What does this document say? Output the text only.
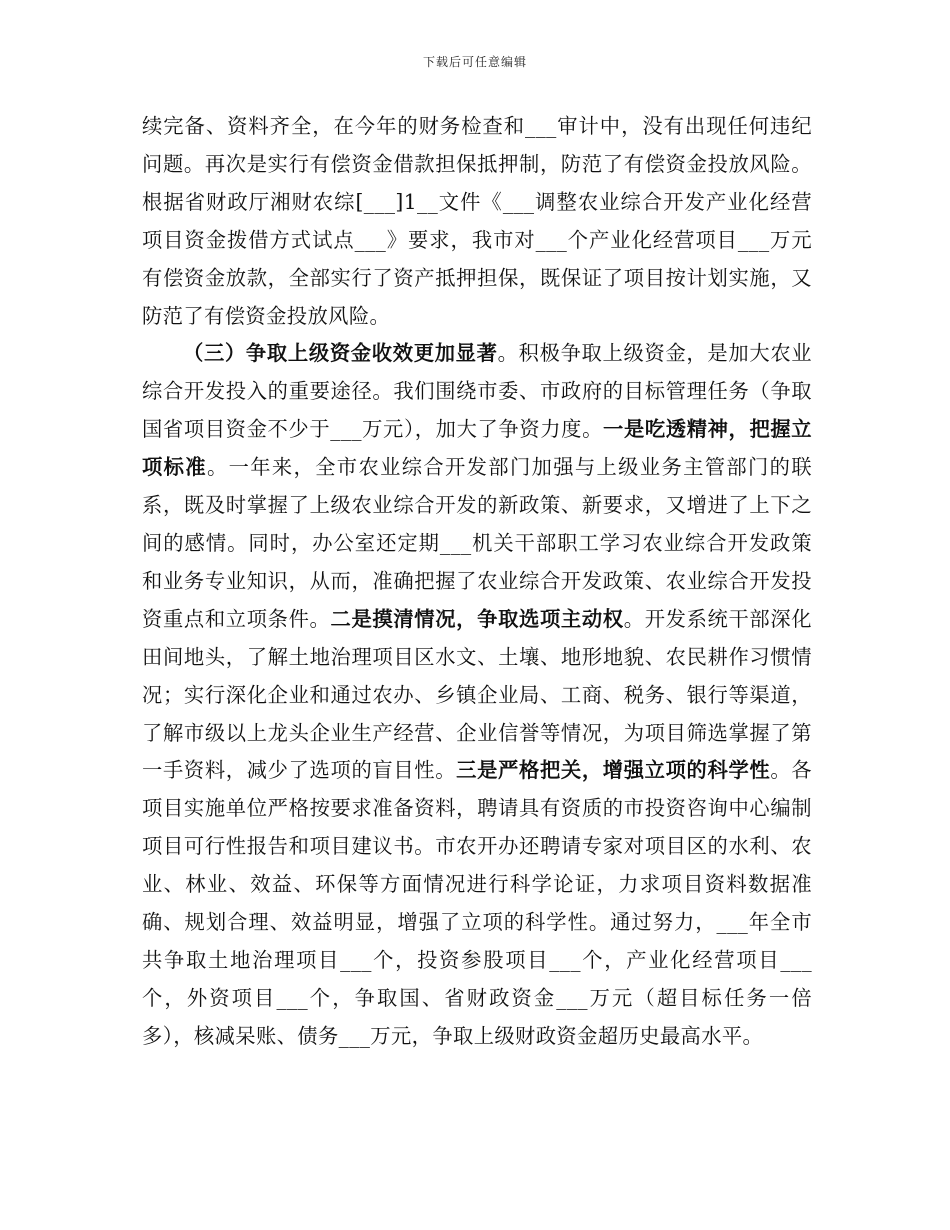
下载后可任意编辑

续完备、资料齐全，在今年的财务检查和___审计中，没有出现任何违纪问题。再次是实行有偿资金借款担保抵押制，防范了有偿资金投放风险。根据省财政厅湘财农综[___]1__文件《___调整农业综合开发产业化经营项目资金拨借方式试点___》要求，我市对___个产业化经营项目___万元有偿资金放款，全部实行了资产抵押担保，既保证了项目按计划实施，又防范了有偿资金投放风险。

（三）争取上级资金收效更加显著。积极争取上级资金，是加大农业综合开发投入的重要途径。我们围绕市委、市政府的目标管理任务（争取国省项目资金不少于___万元），加大了争资力度。一是吃透精神，把握立项标准。一年来，全市农业综合开发部门加强与上级业务主管部门的联系，既及时掌握了上级农业综合开发的新政策、新要求，又增进了上下之间的感情。同时，办公室还定期___机关干部职工学习农业综合开发政策和业务专业知识，从而，准确把握了农业综合开发政策、农业综合开发投资重点和立项条件。二是摸清情况，争取选项主动权。开发系统干部深化田间地头，了解土地治理项目区水文、土壤、地形地貌、农民耕作习惯情况；实行深化企业和通过农办、乡镇企业局、工商、税务、银行等渠道，了解市级以上龙头企业生产经营、企业信誉等情况，为项目筛选掌握了第一手资料，减少了选项的盲目性。三是严格把关，增强立项的科学性。各项目实施单位严格按要求准备资料，聘请具有资质的市投资咨询中心编制项目可行性报告和项目建议书。市农开办还聘请专家对项目区的水利、农业、林业、效益、环保等方面情况进行科学论证，力求项目资料数据准确、规划合理、效益明显，增强了立项的科学性。通过努力，___年全市共争取土地治理项目___个，投资参股项目___个，产业化经营项目___个，外资项目___个，争取国、省财政资金___万元（超目标任务一倍多），核减呆账、债务___万元，争取上级财政资金超历史最高水平。
